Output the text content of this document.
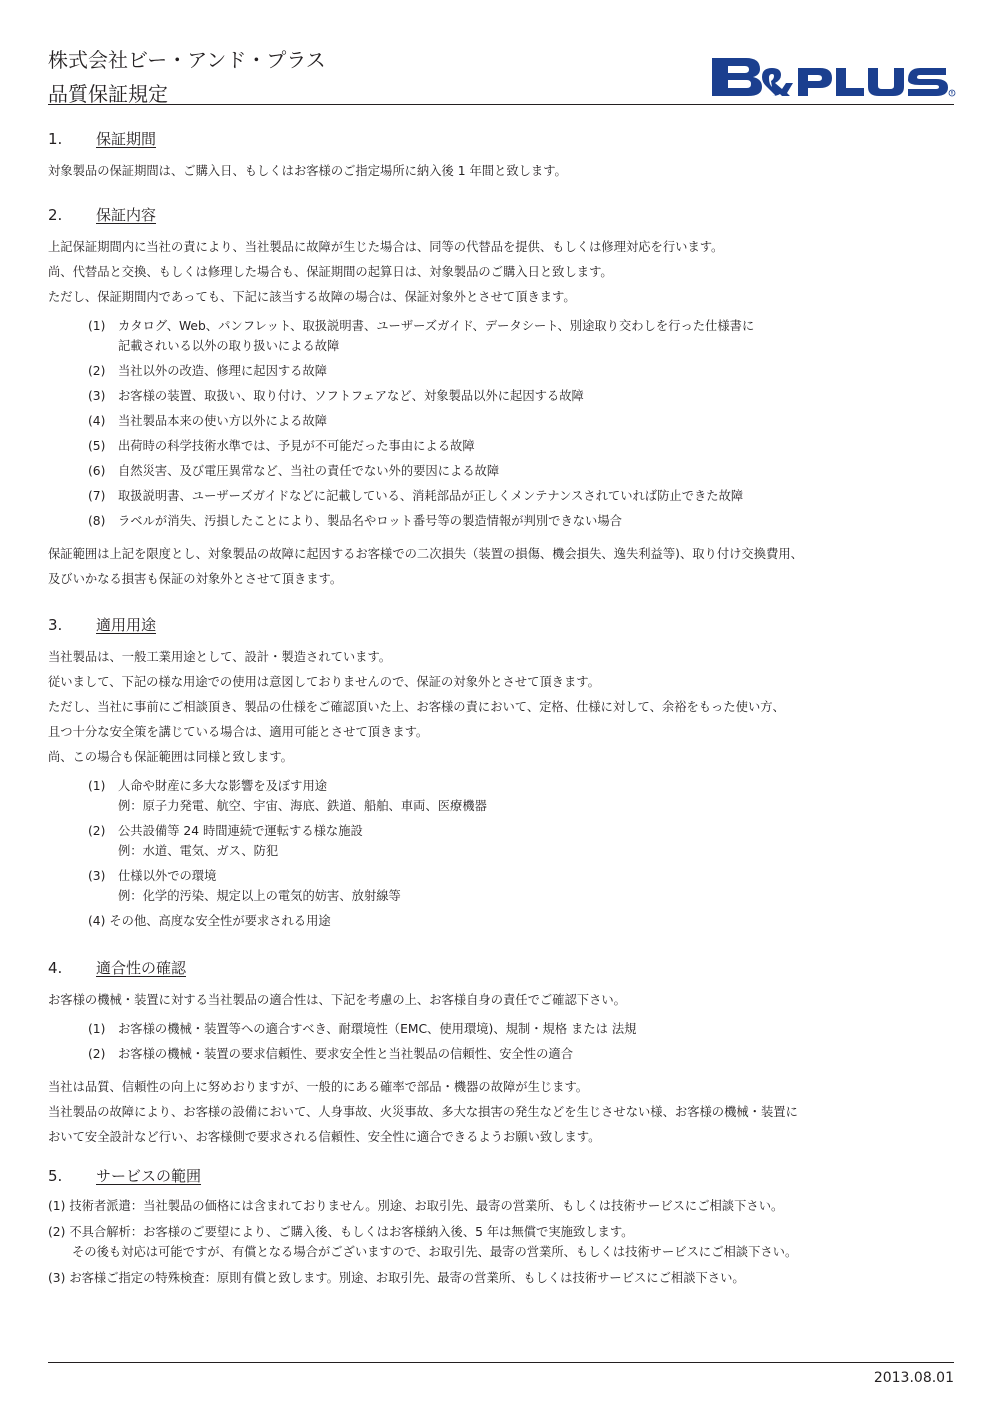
株式会社ビー・アンド・プラス
品質保証規定	R
1. 保証期間
対象製品の保証期間は、ご購入日、もしくはお客様のご指定場所に納入後 1 年間と致します。
2. 保証内容
上記保証期間内に当社の責により、当社製品に故障が生じた場合は、同等の代替品を提供、もしくは修理対応を行います。
尚、代替品と交換、もしくは修理した場合も、保証期間の起算日は、対象製品のご購入日と致します。
ただし、保証期間内であっても、下記に該当する故障の場合は、保証対象外とさせて頂きます。
(1) カタログ、Web、パンフレット、取扱説明書、ユーザーズガイド、データシート、別途取り交わしを行った仕様書に
記載されいる以外の取り扱いによる故障
(2) 当社以外の改造、修理に起因する故障
(3) お客様の装置、取扱い、取り付け、ソフトフェアなど、対象製品以外に起因する故障
(4) 当社製品本来の使い方以外による故障
(5) 出荷時の科学技術水準では、予見が不可能だった事由による故障
(6) 自然災害、及び電圧異常など、当社の責任でない外的要因による故障
(7) 取扱説明書、ユーザーズガイドなどに記載している、消耗部品が正しくメンテナンスされていれば防止できた故障
(8) ラベルが消失、汚損したことにより、製品名やロット番号等の製造情報が判別できない場合
保証範囲は上記を限度とし、対象製品の故障に起因するお客様での二次損失（装置の損傷、機会損失、逸失利益等)、取り付け交換費用、
及びいかなる損害も保証の対象外とさせて頂きます。
3. 適用用途
当社製品は、一般工業用途として、設計・製造されています。
従いまして、下記の様な用途での使用は意図しておりませんので、保証の対象外とさせて頂きます。
ただし、当社に事前にご相談頂き、製品の仕様をご確認頂いた上、お客様の責において、定格、仕様に対して、余裕をもった使い方、
且つ十分な安全策を講じている場合は、適用可能とさせて頂きます。
尚、この場合も保証範囲は同様と致します。
(1) 人命や財産に多大な影響を及ぼす用途
例：原子力発電、航空、宇宙、海底、鉄道、船舶、車両、医療機器
(2) 公共設備等 24 時間連続で運転する様な施設
例：水道、電気、ガス、防犯
(3) 仕様以外での環境
例：化学的汚染、規定以上の電気的妨害、放射線等
(4) その他、高度な安全性が要求される用途
4. 適合性の確認
お客様の機械・装置に対する当社製品の適合性は、下記を考慮の上、お客様自身の責任でご確認下さい。
(1) お客様の機械・装置等への適合すべき、耐環境性（EMC、使用環境)、規制・規格 または 法規
(2) お客様の機械・装置の要求信頼性、要求安全性と当社製品の信頼性、安全性の適合
当社は品質、信頼性の向上に努めおりますが、一般的にある確率で部品・機器の故障が生じます。
当社製品の故障により、お客様の設備において、人身事故、火災事故、多大な損害の発生などを生じさせない様、お客様の機械・装置に
おいて安全設計など行い、お客様側で要求される信頼性、安全性に適合できるようお願い致します。
5. サービスの範囲
(1) 技術者派遣：当社製品の価格には含まれておりません。別途、お取引先、最寄の営業所、もしくは技術サービスにご相談下さい。
(2) 不具合解析：お客様のご要望により、ご購入後、もしくはお客様納入後、5 年は無償で実施致します。
その後も対応は可能ですが、有償となる場合がございますので、お取引先、最寄の営業所、もしくは技術サービスにご相談下さい。
(3) お客様ご指定の特殊検査：原則有償と致します。別途、お取引先、最寄の営業所、もしくは技術サービスにご相談下さい。
2013.08.01
